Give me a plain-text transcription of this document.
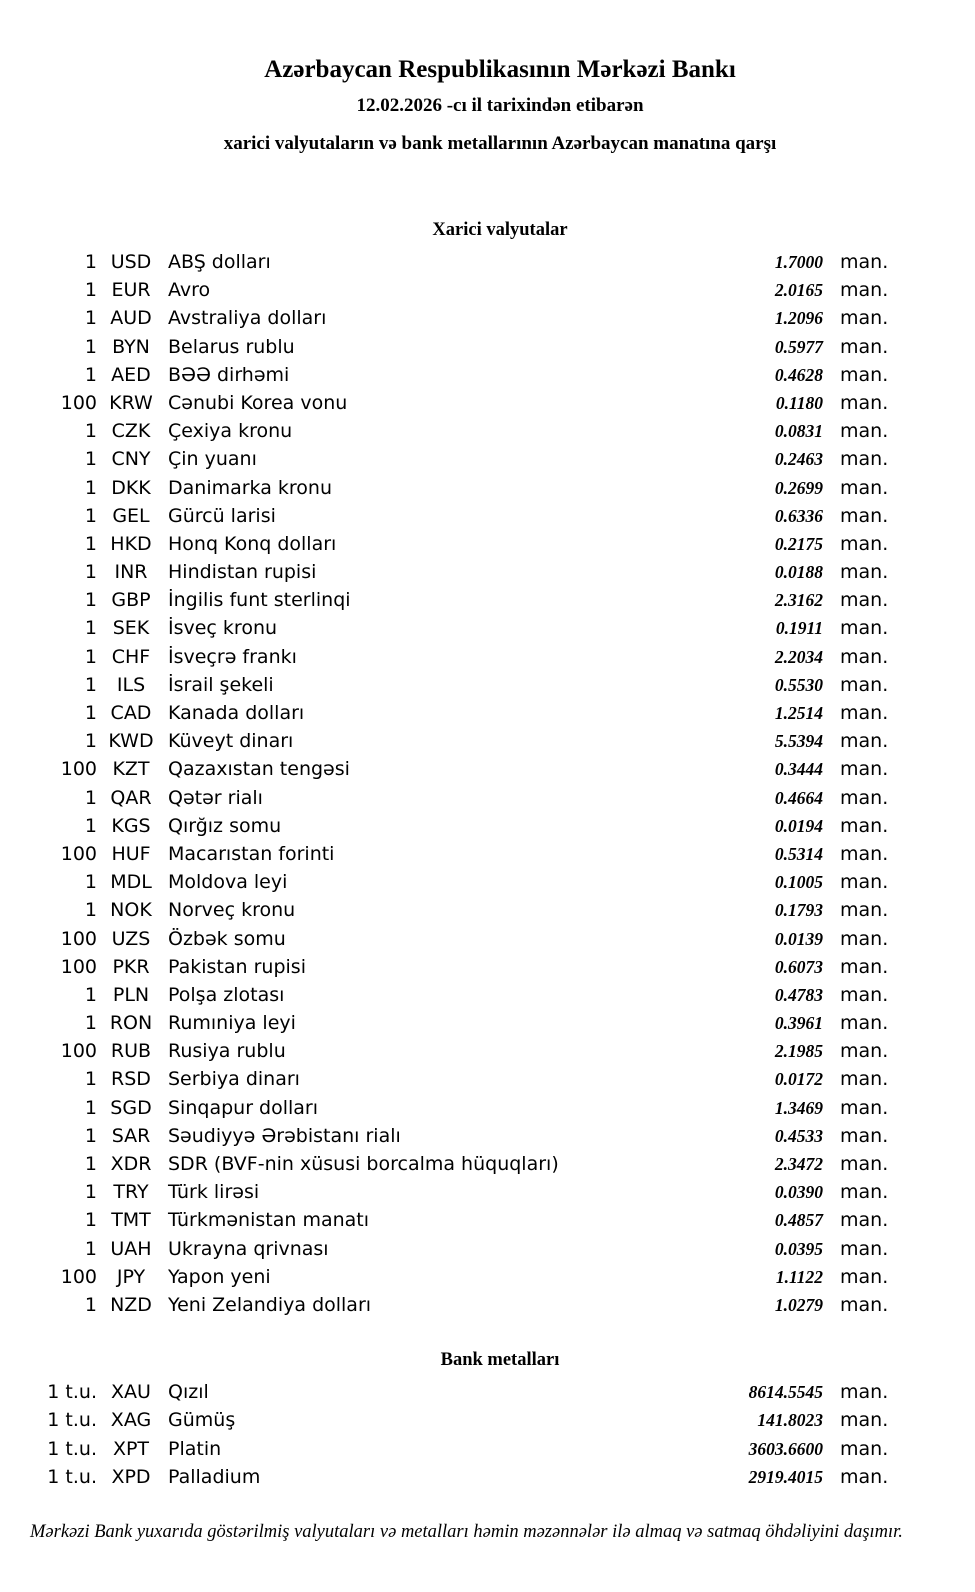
Azərbaycan Respublikasının Mərkəzi Bankı
12.02.2026 -cı il tarixindən etibarən
xarici valyutaların və bank metallarının Azərbaycan manatına qarşı
Xarici valyutalar
1 USD ABŞ dolları	1.7000 man.
1 EUR Avro	2.0165 man.
1 AUD Avstraliya dolları	1.2096 man.
1 BYN Belarus rublu	0.5977 man.
1 AED BƏƏ dirhəmi	0.4628 man.
100 KRW Cənubi Korea vonu	0.1180 man.
1 CZK Çexiya kronu	0.0831 man.
1 CNY Çin yuanı	0.2463 man.
1 DKK Danimarka kronu	0.2699 man.
1 GEL Gürcü larisi	0.6336 man.
1 HKD Honq Konq dolları	0.2175 man.
1 INR	Hindistan rupisi	0.0188 man.
1 GBP İngilis funt sterlinqi	2.3162 man.
1 SEK İsveç kronu	0.1911 man.
1 CHF İsveçrə frankı	2.2034 man.
1	ILS	İsrail şekeli	0.5530 man.
1 CAD Kanada dolları	1.2514 man.
1 KWD Küveyt dinarı	5.5394 man.
100 KZT Qazaxıstan tengəsi	0.3444 man.
1 QAR Qətər rialı	0.4664 man.
1 KGS Qırğız somu	0.0194 man.
100 HUF Macarıstan forinti	0.5314 man.
1 MDL Moldova leyi	0.1005 man.
1 NOK Norveç kronu	0.1793 man.
100 UZS Özbək somu	0.0139 man.
100 PKR Pakistan rupisi	0.6073 man.
1 PLN Polşa zlotası	0.4783 man.
1 RON Rumıniya leyi	0.3961 man.
100 RUB Rusiya rublu	2.1985 man.
1 RSD Serbiya dinarı	0.0172 man.
1 SGD Sinqapur dolları	1.3469 man.
1 SAR Səudiyyə Ərəbistanı rialı	0.4533 man.
1 XDR SDR (BVF-nin xüsusi borcalma hüquqları)	2.3472 man.
1 TRY	Türk lirəsi	0.0390 man.
1 TMT Türkmənistan manatı	0.4857 man.
1 UAH Ukrayna qrivnası	0.0395 man.
100	JPY	Yapon yeni	1.1122 man.
1 NZD Yeni Zelandiya dolları	1.0279 man.
Bank metalları
1 t.u. XAU Qızıl	8614.5545 man.
1 t.u. XAG Gümüş	141.8023 man.
1 t.u. XPT Platin	3603.6600 man.
1 t.u. XPD Palladium	2919.4015 man.
Mərkəzi Bank yuxarıda göstərilmiş valyutaları və metalları həmin məzənnələr ilə almaq və satmaq öhdəliyini daşımır.
